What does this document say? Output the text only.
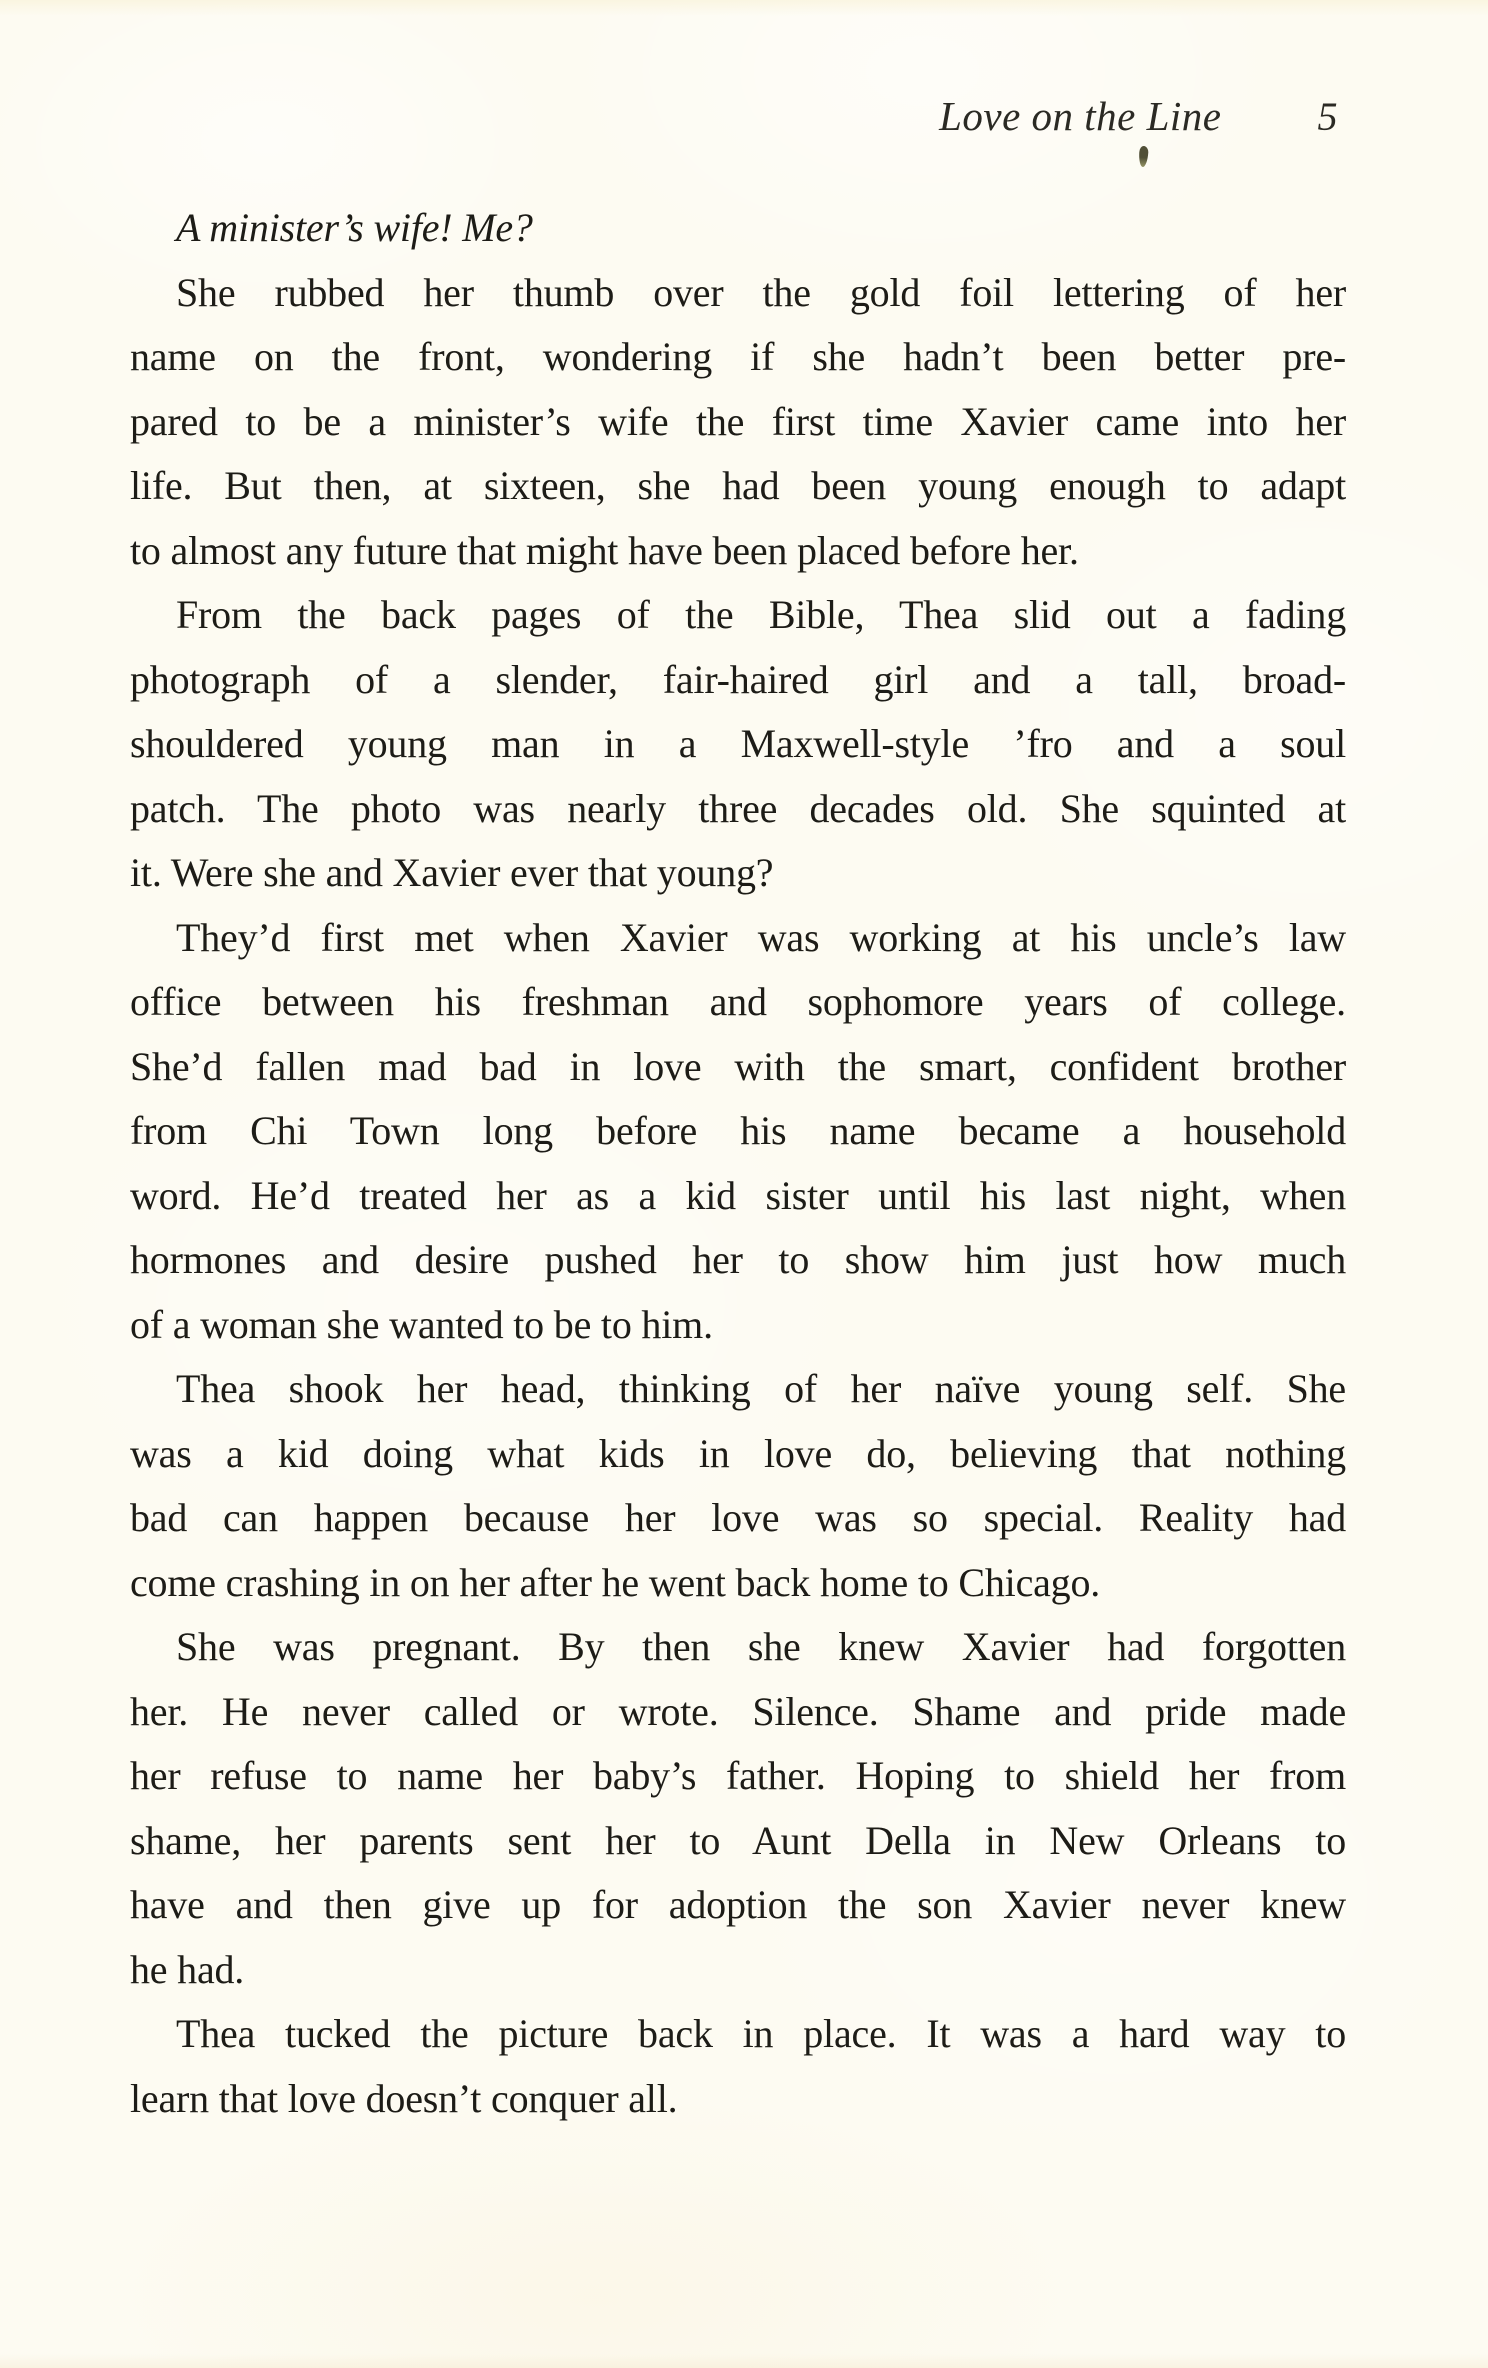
Love on the Line 5
A minister’s wife! Me?
She rubbed her thumb over the gold foil lettering of her
name on the front, wondering if she hadn’t been better pre-
pared to be a minister’s wife the first time Xavier came into her
life. But then, at sixteen, she had been young enough to adapt
to almost any future that might have been placed before her.
From the back pages of the Bible, Thea slid out a fading
photograph of a slender, fair-haired girl and a tall, broad-
shouldered young man in a Maxwell-style ’fro and a soul
patch. The photo was nearly three decades old. She squinted at
it. Were she and Xavier ever that young?
They’d first met when Xavier was working at his uncle’s law
office between his freshman and sophomore years of college.
She’d fallen mad bad in love with the smart, confident brother
from Chi Town long before his name became a household
word. He’d treated her as a kid sister until his last night, when
hormones and desire pushed her to show him just how much
of a woman she wanted to be to him.
Thea shook her head, thinking of her naïve young self. She
was a kid doing what kids in love do, believing that nothing
bad can happen because her love was so special. Reality had
come crashing in on her after he went back home to Chicago.
She was pregnant. By then she knew Xavier had forgotten
her. He never called or wrote. Silence. Shame and pride made
her refuse to name her baby’s father. Hoping to shield her from
shame, her parents sent her to Aunt Della in New Orleans to
have and then give up for adoption the son Xavier never knew
he had.
Thea tucked the picture back in place. It was a hard way to
learn that love doesn’t conquer all.
